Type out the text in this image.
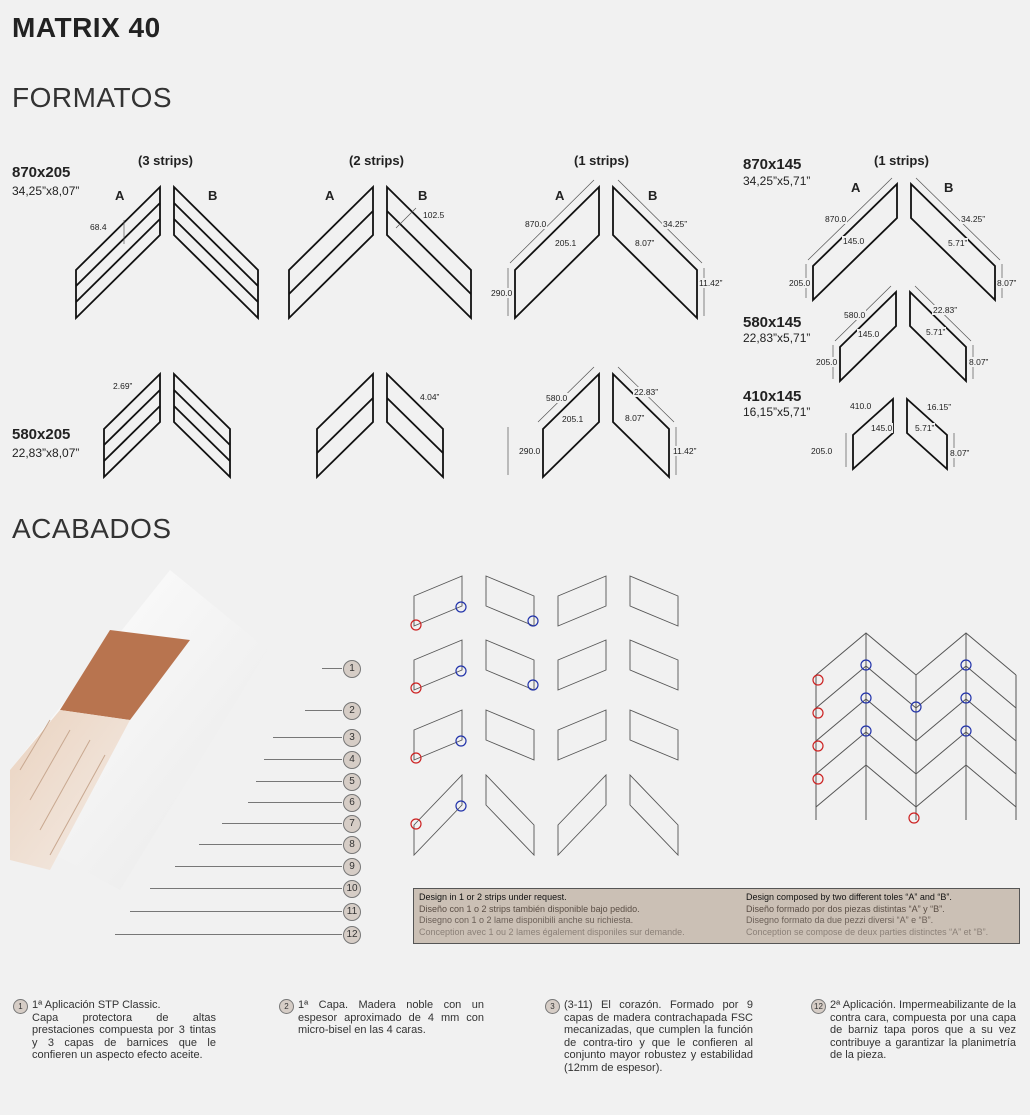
MATRIX 40
FORMATOS
ACABADOS
870x205
34,25”x8,07”
580x205
22,83”x8,07”
870x145
34,25”x5,71”
580x145
22,83”x5,71”
410x145
16,15”x5,71”
(3 strips)	(2 strips)	(1 strips)	(1 strips)
A	B	A	B	A	B
A	B
68.4
102.5
2.69”
4.04”
870.0
205.1
290.0
34.25”
8.07”
11.42”
580.0
205.1
290.0
22.83”
8.07”
11.42”
870.0
145.0
205.0
34.25”
5.71”
8.07”
580.0
145.0
205.0
22.83”
5.71”
8.07”
410.0
145.0
205.0
16.15”
5.71”
8.07”
1
2
3
4
5
6
7
8
9
10
11
12
Design in 1 or 2 strips under request.
Diseño con 1 o 2 strips también disponible bajo pedido.
Disegno con 1 o 2 lame disponibili anche su richiesta.
Conception avec 1 ou 2 lames également disponiles sur demande.
Design composed by two different toles “A” and “B”.
Diseño formado por dos piezas distintas “A” y “B”.
Disegno formato da due pezzi diversi “A” e “B”.
Conception se compose de deux parties distinctes “A” et “B”.
1 1ª Aplicación STP Classic.
Capa protectora de altas prestaciones compuesta por 3 tintas y 3 capas de barnices que le confieren un aspecto efecto aceite.
2 1ª Capa. Madera noble con un espesor aproximado de 4 mm con micro-bisel en las 4 caras.
3 (3-11) El corazón. Formado por 9 capas de madera contrachapada FSC mecanizadas, que cumplen la función de contra-tiro y que le confieren al conjunto mayor robustez y estabilidad (12mm de espesor).
12 2ª Aplicación. Impermeabilizante de la contra cara, compuesta por una capa de barniz tapa poros que a su vez contribuye a garantizar la planimetría de la pieza.
